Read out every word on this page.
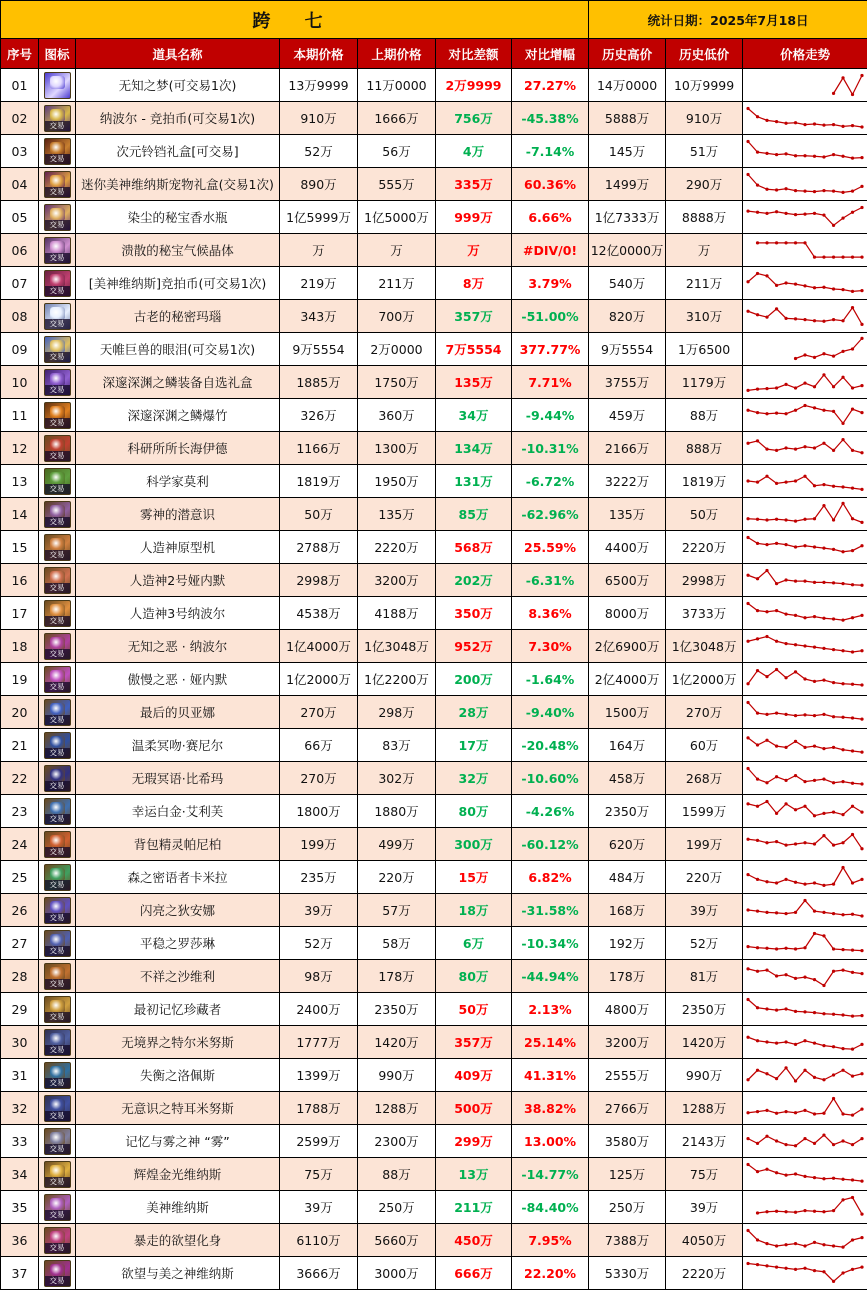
跨 七							统计日期：2025年7月18日		
序号	图标	道具名称	本期价格	上期价格	对比差额	对比增幅	历史高价	历史低价	价格走势
01		无知之梦(可交易1次)	13万9999	11万0000	2万9999	27.27%	14万0000	10万9999	

02	交易	纳波尔 - 竞拍币(可交易1次)	910万	1666万	756万	-45.38%	5888万	910万	

03	交易	次元铃铛礼盒[可交易]	52万	56万	4万	-7.14%	145万	51万	

04	交易	迷你美神维纳斯宠物礼盒(交易1次)	890万	555万	335万	60.36%	1499万	290万	

05	交易	染尘的秘宝香水瓶	1亿5999万	1亿5000万	999万	6.66%	1亿7333万	8888万	

06	交易	溃散的秘宝气候晶体	万	万	万	#DIV/0!	12亿0000万	万	

07	交易	[美神维纳斯]竞拍币(可交易1次)	219万	211万	8万	3.79%	540万	211万	

08	交易	古老的秘密玛瑙	343万	700万	357万	-51.00%	820万	310万	

09	交易	天帷巨兽的眼泪(可交易1次)	9万5554	2万0000	7万5554	377.77%	9万5554	1万6500	

10	交易	深邃深渊之鳞装备自选礼盒	1885万	1750万	135万	7.71%	3755万	1179万	

11	交易	深邃深渊之鳞爆竹	326万	360万	34万	-9.44%	459万	88万	

12	交易	科研所所长海伊德	1166万	1300万	134万	-10.31%	2166万	888万	

13	交易	科学家莫利	1819万	1950万	131万	-6.72%	3222万	1819万	

14	交易	雾神的潜意识	50万	135万	85万	-62.96%	135万	50万	

15	交易	人造神原型机	2788万	2220万	568万	25.59%	4400万	2220万	

16	交易	人造神2号娅内默	2998万	3200万	202万	-6.31%	6500万	2998万	

17	交易	人造神3号纳波尔	4538万	4188万	350万	8.36%	8000万	3733万	

18	交易	无知之恶 · 纳波尔	1亿4000万	1亿3048万	952万	7.30%	2亿6900万	1亿3048万	

19	交易	傲慢之恶 · 娅内默	1亿2000万	1亿2200万	200万	-1.64%	2亿4000万	1亿2000万	

20	交易	最后的贝亚娜	270万	298万	28万	-9.40%	1500万	270万	

21	交易	温柔冥吻·赛尼尔	66万	83万	17万	-20.48%	164万	60万	

22	交易	无瑕冥语·比希玛	270万	302万	32万	-10.60%	458万	268万	

23	交易	幸运白金·艾利芙	1800万	1880万	80万	-4.26%	2350万	1599万	

24	交易	背包精灵帕尼柏	199万	499万	300万	-60.12%	620万	199万	

25	交易	森之密语者卡米拉	235万	220万	15万	6.82%	484万	220万	

26	交易	闪亮之狄安娜	39万	57万	18万	-31.58%	168万	39万	

27	交易	平稳之罗莎琳	52万	58万	6万	-10.34%	192万	52万	

28	交易	不祥之沙维利	98万	178万	80万	-44.94%	178万	81万	

29	交易	最初记忆珍藏者	2400万	2350万	50万	2.13%	4800万	2350万	

30	交易	无境界之特尔米努斯	1777万	1420万	357万	25.14%	3200万	1420万	

31	交易	失衡之洛佩斯	1399万	990万	409万	41.31%	2555万	990万	

32	交易	无意识之特耳米努斯	1788万	1288万	500万	38.82%	2766万	1288万	

33	交易	记忆与雾之神 “雾”	2599万	2300万	299万	13.00%	3580万	2143万	

34	交易	辉煌金光维纳斯	75万	88万	13万	-14.77%	125万	75万	

35	交易	美神维纳斯	39万	250万	211万	-84.40%	250万	39万	

36	交易	暴走的欲望化身	6110万	5660万	450万	7.95%	7388万	4050万	

37	交易	欲望与美之神维纳斯	3666万	3000万	666万	22.20%	5330万	2220万	
